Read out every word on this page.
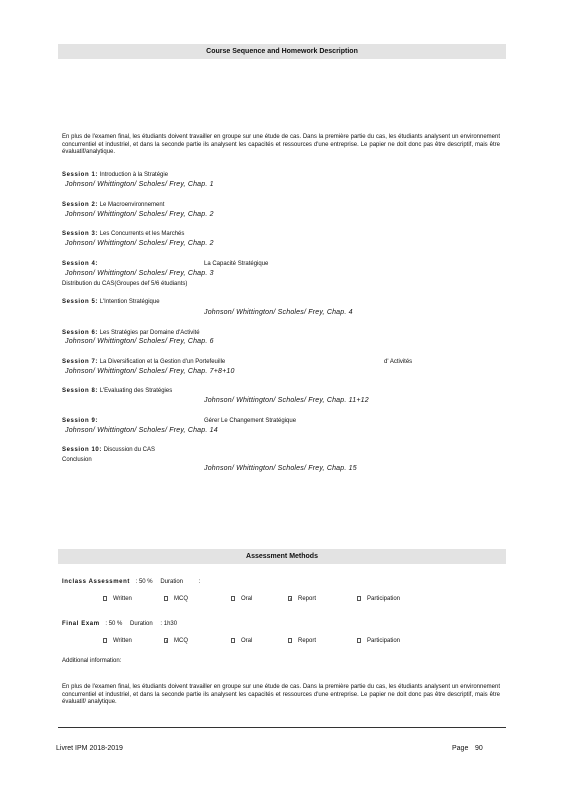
Course Sequence and Homework Description
En plus de l'examen final, les étudiants doivent travailler en groupe sur une étude de cas. Dans la première partie du cas, les étudiants analysent un environnement concurrentiel et industriel, et dans la seconde partie ils analysent les capacités et ressources d'une entreprise. Le papier ne doit donc pas être descriptif, mais être évaluatif/analytique.
Session 1: Introduction à la Stratégie
Johnson/ Whittington/ Scholes/ Frey, Chap. 1
Session 2: Le Macroenvironnement
Johnson/ Whittington/ Scholes/ Frey, Chap. 2
Session 3: Les Concurrents et les Marchés
Johnson/ Whittington/ Scholes/ Frey, Chap. 2
Session 4:	La Capacité Stratégique
Johnson/ Whittington/ Scholes/ Frey, Chap. 3
Distribution du CAS(Groupes def 5/6 étudiants)
Session 5: L'Intention Stratégique
Johnson/ Whittington/ Scholes/ Frey, Chap. 4
Session 6: Les Stratégies par Domaine d'Activité
Johnson/ Whittington/ Scholes/ Frey, Chap. 6
Session 7: La Diversification et la Gestion d'un Portefeuille	d' Activités
Johnson/ Whittington/ Scholes/ Frey, Chap. 7+8+10
Session 8: L'Evaluating des Stratégies
Johnson/ Whittington/ Scholes/ Frey, Chap. 11+12
Session 9:	Gérer Le Changement Stratégique
Johnson/ Whittington/ Scholes/ Frey, Chap. 14
Session 10: Discussion du CAS
Conclusion
Johnson/ Whittington/ Scholes/ Frey, Chap. 15
Assessment Methods
Inclass Assessment : 50 % Duration	:
Written	MCQ	Oral	Report	Participation
Final Exam : 50 % Duration : 1h30
Written	MCQ	Oral	Report	Participation
Additional information:
En plus de l'examen final, les étudiants doivent travailler en groupe sur une étude de cas. Dans la première partie du cas, les étudiants analysent un environnement concurrentiel et industriel, et dans la seconde partie ils analysent les capacités et ressources d'une entreprise. Le papier ne doit donc pas être descriptif, mais être évaluatif/ analytique.
Livret IPM 2018-2019	Page 90
